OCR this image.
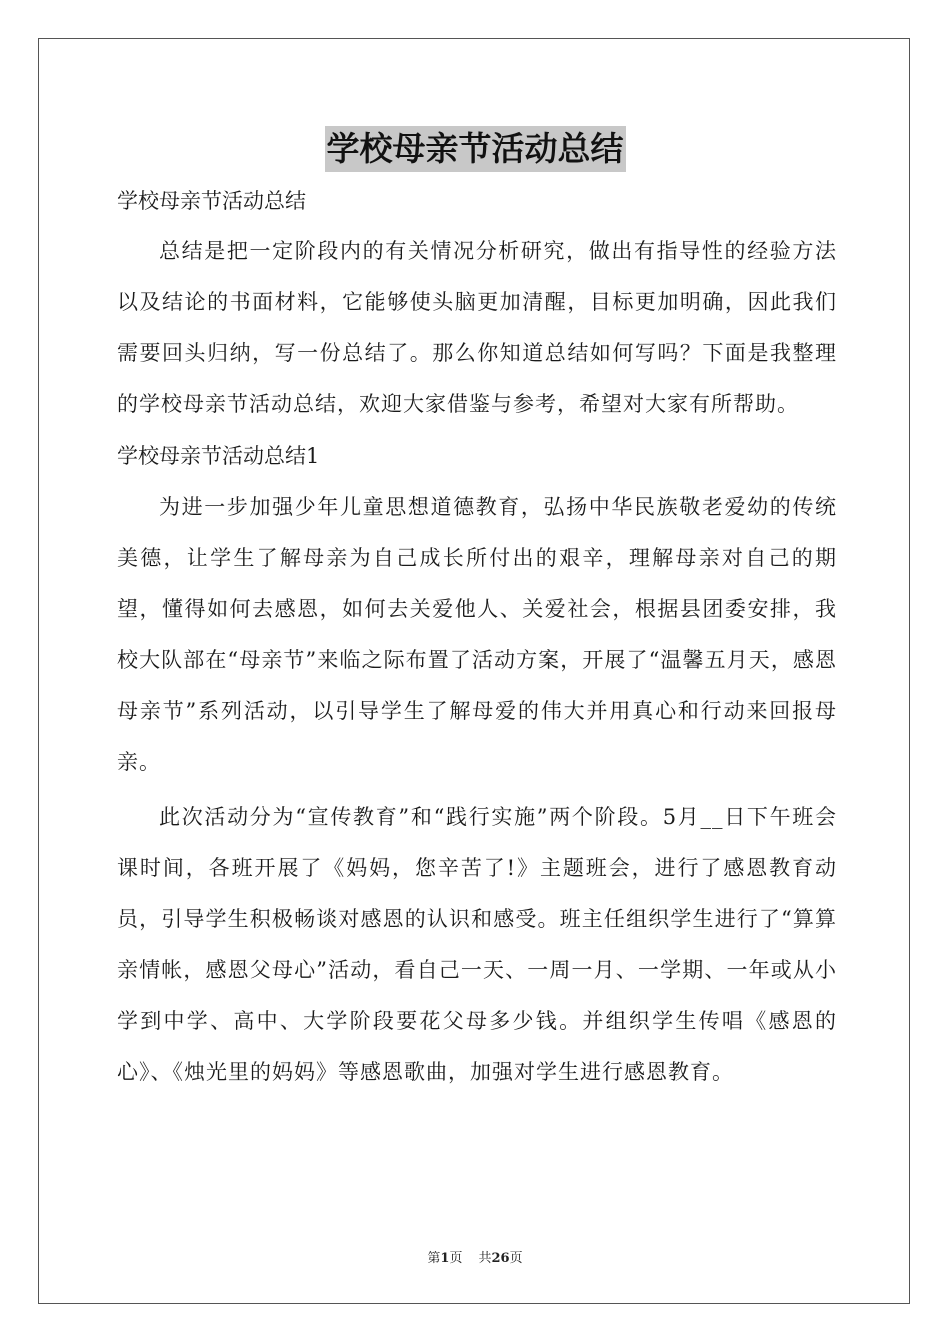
学校母亲节活动总结

学校母亲节活动总结

总结是把一定阶段内的有关情况分析研究，做出有指导性的经验方法以及结论的书面材料，它能够使头脑更加清醒，目标更加明确，因此我们需要回头归纳，写一份总结了。那么你知道总结如何写吗？下面是我整理的学校母亲节活动总结，欢迎大家借鉴与参考，希望对大家有所帮助。

学校母亲节活动总结1

为进一步加强少年儿童思想道德教育，弘扬中华民族敬老爱幼的传统美德，让学生了解母亲为自己成长所付出的艰辛，理解母亲对自己的期望，懂得如何去感恩，如何去关爱他人、关爱社会，根据县团委安排，我校大队部在“母亲节”来临之际布置了活动方案，开展了“温馨五月天，感恩母亲节”系列活动，以引导学生了解母爱的伟大并用真心和行动来回报母亲。

此次活动分为“宣传教育”和“践行实施”两个阶段。5月__日下午班会课时间，各班开展了《妈妈，您辛苦了!》主题班会，进行了感恩教育动员，引导学生积极畅谈对感恩的认识和感受。班主任组织学生进行了“算算亲情帐，感恩父母心”活动，看自己一天、一周一月、一学期、一年或从小学到中学、高中、大学阶段要花父母多少钱。并组织学生传唱《感恩的心》、《烛光里的妈妈》等感恩歌曲，加强对学生进行感恩教育。

第1页 共26页
